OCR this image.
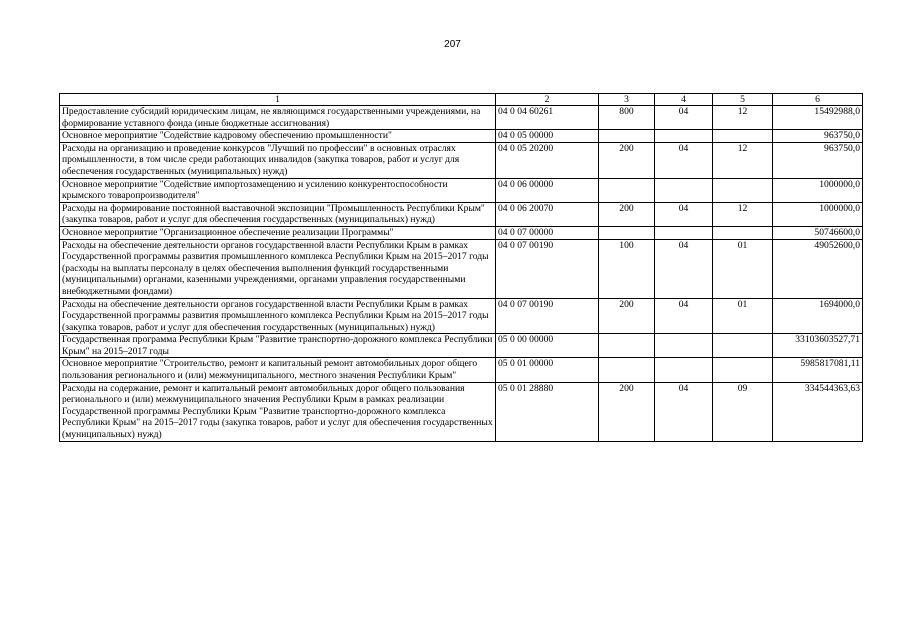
207
1	2	3	4	5	6
Предоставление субсидий юридическим лицам, не являющимся государственными учреждениями, на формирование уставного фонда (иные бюджетные ассигнования)	04 0 04 60261	800	04	12	15492988,0
Основное мероприятие "Содействие кадровому обеспечению промышленности"	04 0 05 00000				963750,0
Расходы на организацию и проведение конкурсов "Лучший по профессии" в основных отраслях промышленности, в том числе среди работающих инвалидов (закупка товаров, работ и услуг для обеспечения государственных (муниципальных) нужд)	04 0 05 20200	200	04	12	963750,0
Основное мероприятие "Содействие импортозамещению и усилению конкурентоспособности крымского товаропроизводителя"	04 0 06 00000				1000000,0
Расходы на формирование постоянной выставочной экспозиции "Промышленность Республики Крым" (закупка товаров, работ и услуг для обеспечения государственных (муниципальных) нужд)	04 0 06 20070	200	04	12	1000000,0
Основное мероприятие "Организационное обеспечение реализации Программы"	04 0 07 00000				50746600,0
Расходы на обеспечение деятельности органов государственной власти Республики Крым в рамках Государственной программы развития промышленного комплекса Республики Крым на 2015–2017 годы (расходы на выплаты персоналу в целях обеспечения выполнения функций государственными (муниципальными) органами, казенными учреждениями, органами управления государственными внебюджетными фондами)	04 0 07 00190	100	04	01	49052600,0
Расходы на обеспечение деятельности органов государственной власти Республики Крым в рамках Государственной программы развития промышленного комплекса Республики Крым на 2015–2017 годы (закупка товаров, работ и услуг для обеспечения государственных (муниципальных) нужд)	04 0 07 00190	200	04	01	1694000,0
Государственная программа Республики Крым "Развитие транспортно-дорожного комплекса Республики Крым" на 2015–2017 годы	05 0 00 00000				33103603527,71
Основное мероприятие "Строительство, ремонт и капитальный ремонт автомобильных дорог общего пользования регионального и (или) межмуниципального, местного значения Республики Крым"	05 0 01 00000				5985817081,11
Расходы на содержание, ремонт и капитальный ремонт автомобильных дорог общего пользования регионального и (или) межмуниципального значения Республики Крым в рамках реализации Государственной программы Республики Крым "Развитие транспортно-дорожного комплекса Республики Крым" на 2015–2017 годы (закупка товаров, работ и услуг для обеспечения государственных (муниципальных) нужд)	05 0 01 28880	200	04	09	334544363,63
